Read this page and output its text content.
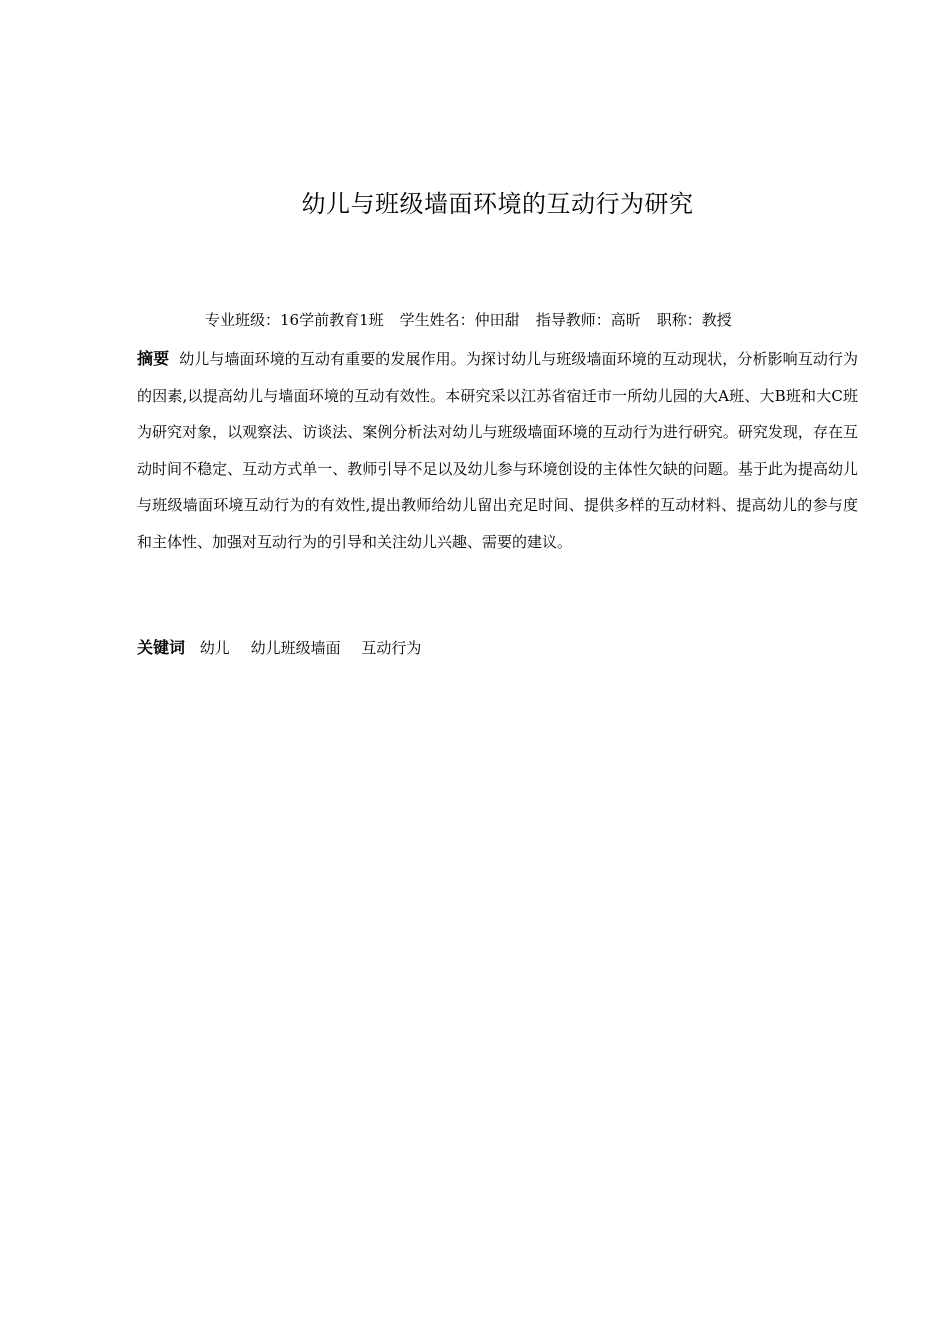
幼儿与班级墙面环境的互动行为研究
专业班级：16学前教育1班 学生姓名：仲田甜 指导教师：高昕 职称：教授

摘要 幼儿与墙面环境的互动有重要的发展作用。为探讨幼儿与班级墙面环境的互动现状，分析影响互动行为的因素,以提高幼儿与墙面环境的互动有效性。本研究采以江苏省宿迁市一所幼儿园的大A班、大B班和大C班为研究对象，以观察法、访谈法、案例分析法对幼儿与班级墙面环境的互动行为进行研究。研究发现，存在互动时间不稳定、互动方式单一、教师引导不足以及幼儿参与环境创设的主体性欠缺的问题。基于此为提高幼儿与班级墙面环境互动行为的有效性,提出教师给幼儿留出充足时间、提供多样的互动材料、提高幼儿的参与度和主体性、加强对互动行为的引导和关注幼儿兴趣、需要的建议。

关键词 幼儿 幼儿班级墙面 互动行为
